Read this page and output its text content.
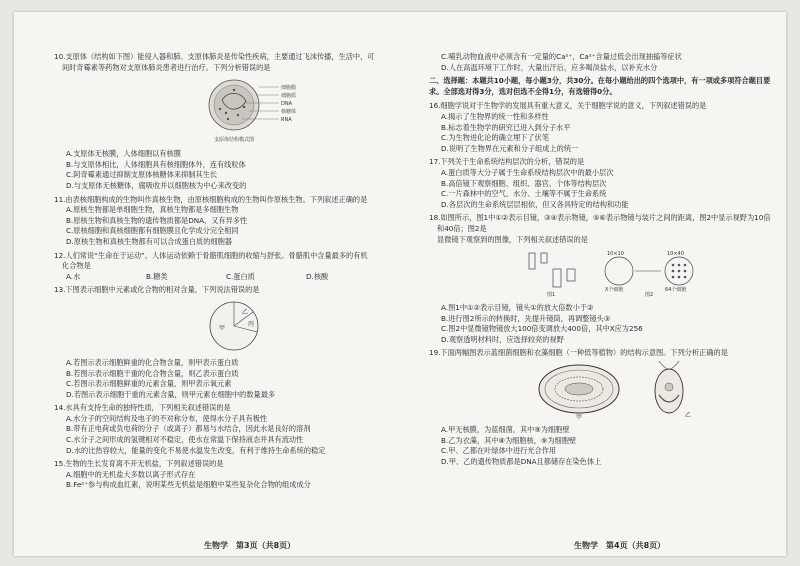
10.支原体（结构如下图）能侵入器和肺。支原体肺炎是传染性疾病，主要通过飞沫传播，生活中，可
间时奇霉素等药物对支原体肺炎患者进行治疗。下列分析错误的是
细胞膜
细胞质
DNA
核糖体
RNA
支原体结构模式图
A.支原体无核膜，人体细胞以有核膜
B.与支原体相比，人体细胞具有核细胞体外，连有线粒体
C.阿奇霉素通过抑制支原体核糖体来抑制其生长
D.与支原体无核糖体，腐吸收并以细胞核为中心来改变的
11.由表核细胞构成的生物叫作真核生物，由原核细胞构成的生物叫作原核生物。下列叙述正确的是
A.原核生物都是单细胞生物，真核生物都是多细胞生物
B.原核生物和真核生物的遗传物质都是DNA，又有异多性
C.原核细胞和真核细胞都有细胞膜且化学成分完全相同
D.原核生物和真核生物都有可以合成蛋白质的细胞器
12.人们常说“生命在于运动”。人体运动依赖于骨骼肌细胞的收缩与舒张。骨骼肌中含量最多的有机
化合物是
A.水	B.糖类	C.蛋白质	D.核酸
13.下图表示细胞中元素或化合物的相对含量，下列说法错误的是
甲
乙
丙
A.若图示表示细胞鲜重的化合物含量，则甲表示蛋白质
B.若图示表示细胞干重的化合物含量，则乙表示蛋白质
C.若图示表示细胞鲜重的元素含量，则甲表示氧元素
D.若图示表示细胞干重的元素含量，则甲元素在细胞中的数量最多
14.水具有支持生命的独特性质，下列相关叙述错误的是
A.水分子的空间结构及电子的不对称分布，使得水分子具有极性
B.带有正电荷或负电荷的分子（或离子）都易与水结合，因此水是良好的溶剂
C.水分子之间形成的氢键相对不稳定，使水在常温下保持液态并具有流动性
D.水的比热容较大，能量的变化不易使水温发生改变，有利于维持生命系统的稳定
15.生物的生长发育离不开无机盐，下列叙述错误的是
A.细胞中的无机盐大多数以离子形式存在
B.Fe²⁺参与构成血红素，说明某些无机盐是细胞中某些复杂化合物的组成成分
C.哺乳动物血液中必须含有一定量的Ca²⁺，Ca²⁺含量过低会出现抽搐等症状
D.人在高温环境下工作时，大量出汗后，应多喝淡盐水，以补充水分
二、选择题：本题共10小题，每小题3分，共30分。在每小题给出的四个选项中，有一项或多项符合题目要求。全部选对得3分，选对但选不全得1分，有选错得0分。
16.细胞学说对于生物学的发展具有重大意义，关于细胞学说的意义，下列叙述错误的是
A.揭示了生物界的统一性和多样性
B.标志着生物学的研究已进入到分子水平
C.为生物进化论的确立埋下了伏笔
D.说明了生物界在元素和分子组成上的统一
17.下列关于生命系统结构层次的分析，错误的是
A.蛋白质等大分子属于生命系统结构层次中的最小层次
B.高倍镜下观察细胞、组织、器官、个体等结构层次
C.一片森林中的空气、水分、土壤等不属于生命系统
D.各层次的生命系统层层相依，但又各具特定的结构和功能
18.如图所示，图1中①②表示目镜，③④表示物镜，⑤⑥表示物镜与装片之间的距离，图2中显示视野为10倍和40倍；图2是
显微镜下观察到的图像，下列相关叙述错误的是
图1	图2
10×10	10×40
X个细胞	64个细胞
A.图1中①②表示目镜，镜头①的放大倍数小于②
B.进行图2所示的转换时，先提升镜筒，再调整镜头③
C.图2中显微镜物镜放大100倍变调放大400倍，其中X应为256
D.观察透明材料时，应选择较亮的视野
19.下面两幅图表示蓝细菌细胞和衣藻细胞（一种低等植物）的结构示意图。下列分析正确的是
甲	乙
A.甲无核膜，为蓝细菌，其中⑨为细胞壁
B.乙为衣藻，其中⑧为细胞核，⑨为细胞壁
C.甲、乙都在叶绿体中进行光合作用
D.甲、乙的遗传物质都是DNA且都储存在染色体上
生物学　第3页（共8页）	生物学　第4页（共8页）
